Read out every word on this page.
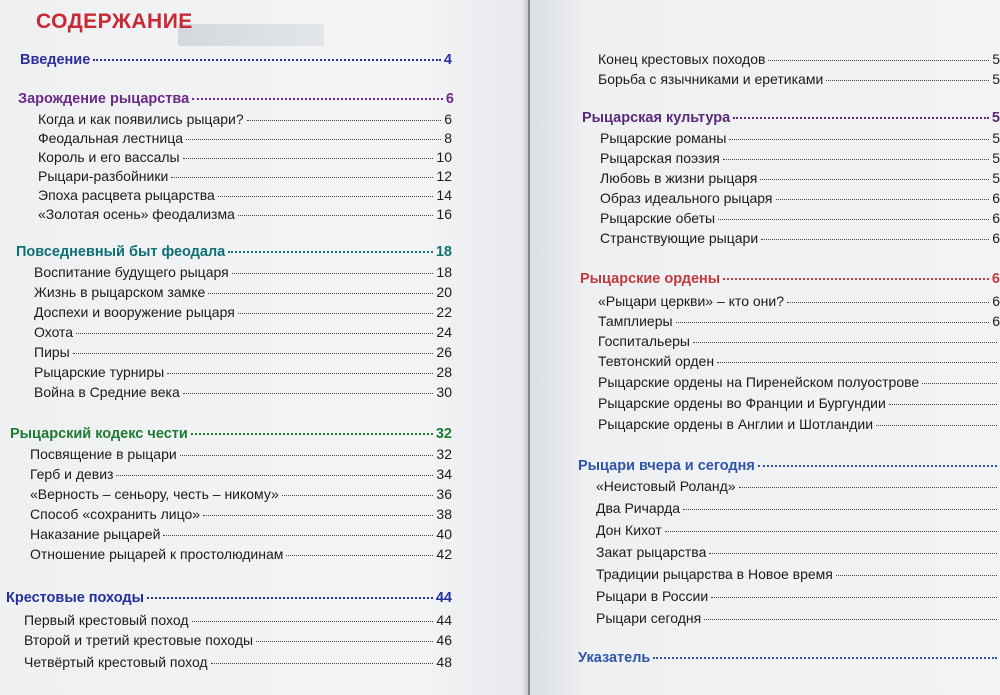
СОДЕРЖАНИЕ
Введение	4
Зарождение рыцарства	6
Когда и как появились рыцари?	6
Феодальная лестница	8
Король и его вассалы	10
Рыцари-разбойники	12
Эпоха расцвета рыцарства	14
«Золотая осень» феодализма	16
Повседневный быт феодала	18
Воспитание будущего рыцаря	18
Жизнь в рыцарском замке	20
Доспехи и вооружение рыцаря	22
Охота	24
Пиры	26
Рыцарские турниры	28
Война в Средние века	30
Рыцарский кодекс чести	32
Посвящение в рыцари	32
Герб и девиз	34
«Верность – сеньору, честь – никому»	36
Способ «сохранить лицо»	38
Наказание рыцарей	40
Отношение рыцарей к простолюдинам	42
Крестовые походы	44
Первый крестовый поход	44
Второй и третий крестовые походы	46
Четвёртый крестовый поход	48
Конец крестовых походов	5
Борьба с язычниками и еретиками	5
Рыцарская культура	5
Рыцарские романы	5
Рыцарская поэзия	5
Любовь в жизни рыцаря	5
Образ идеального рыцаря	6
Рыцарские обеты	6
Странствующие рыцари	6
Рыцарские ордены	6
«Рыцари церкви» – кто они?	6
Тамплиеры	6
Госпитальеры
Тевтонский орден
Рыцарские ордены на Пиренейском полуострове
Рыцарские ордены во Франции и Бургундии
Рыцарские ордены в Англии и Шотландии
Рыцари вчера и сегодня
«Неистовый Роланд»
Два Ричарда
Дон Кихот
Закат рыцарства
Традиции рыцарства в Новое время
Рыцари в России
Рыцари сегодня
Указатель
